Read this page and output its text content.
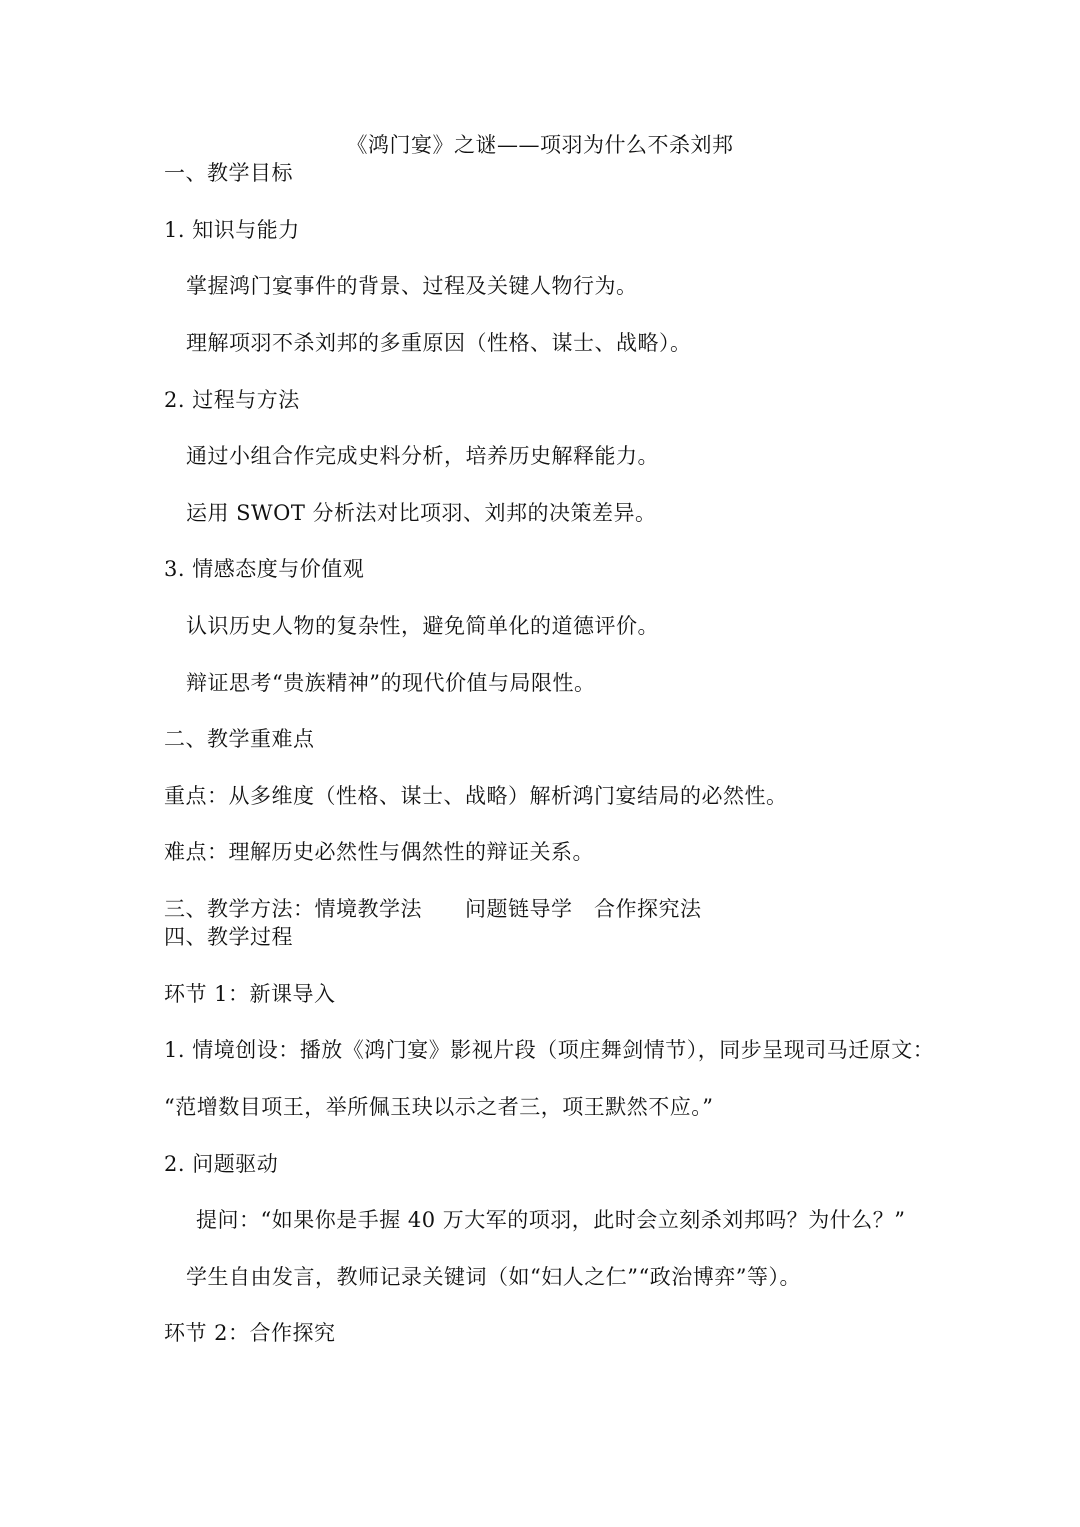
《鸿门宴》之谜——项羽为什么不杀刘邦
一、教学目标
1. 知识与能力
掌握鸿门宴事件的背景、过程及关键人物行为。
理解项羽不杀刘邦的多重原因（性格、谋士、战略）。
2. 过程与方法
通过小组合作完成史料分析，培养历史解释能力。
运用 SWOT 分析法对比项羽、刘邦的决策差异。
3. 情感态度与价值观
认识历史人物的复杂性，避免简单化的道德评价。
辩证思考“贵族精神”的现代价值与局限性。
二、教学重难点
重点：从多维度（性格、谋士、战略）解析鸿门宴结局的必然性。
难点：理解历史必然性与偶然性的辩证关系。
三、教学方法：情境教学法　　问题链导学　合作探究法
四、教学过程
环节 1：新课导入
1. 情境创设：播放《鸿门宴》影视片段（项庄舞剑情节），同步呈现司马迁原文：
“范增数目项王，举所佩玉玦以示之者三，项王默然不应。”
2. 问题驱动
提问：“如果你是手握 40 万大军的项羽，此时会立刻杀刘邦吗？为什么？”
学生自由发言，教师记录关键词（如“妇人之仁”“政治博弈”等）。
环节 2：合作探究
